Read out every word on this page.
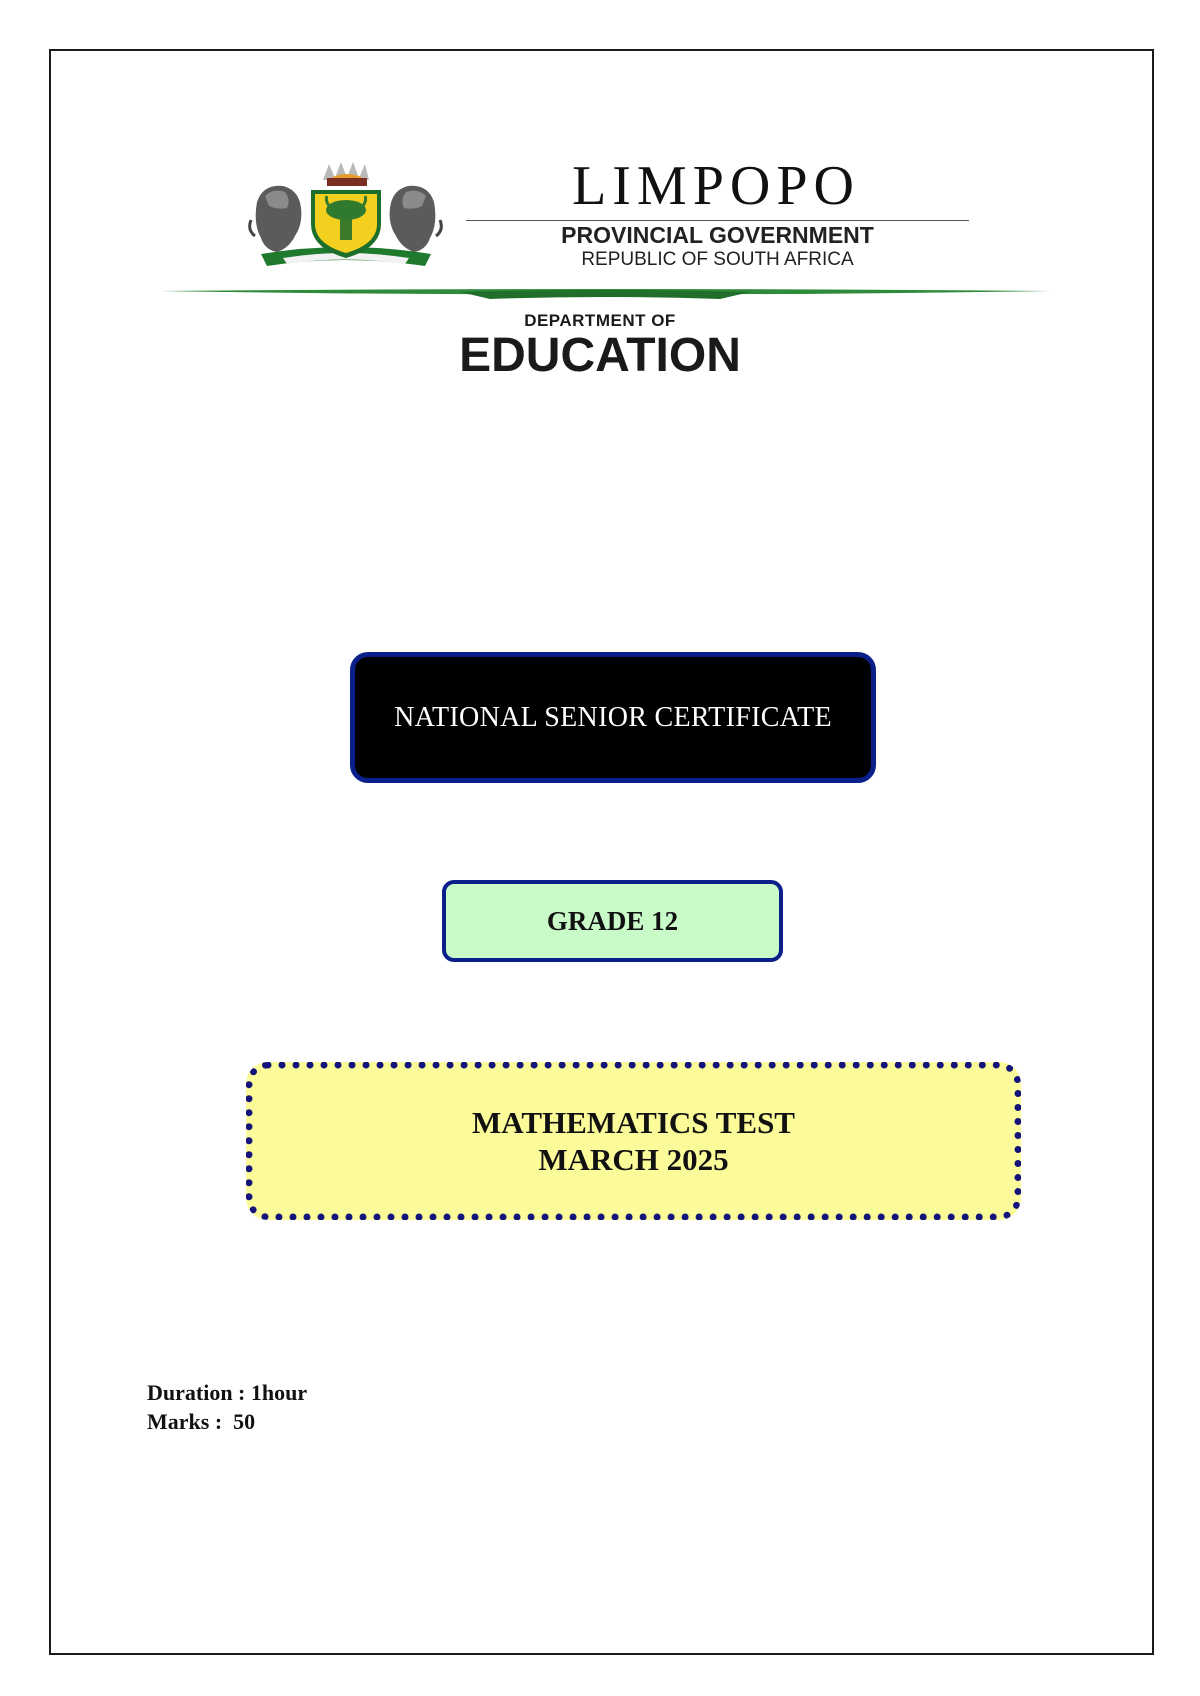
LIMPOPO
PROVINCIAL GOVERNMENT
REPUBLIC OF SOUTH AFRICA
DEPARTMENT OF
EDUCATION
NATIONAL SENIOR CERTIFICATE
GRADE 12
MATHEMATICS TEST
MARCH 2025
Duration : 1hour
Marks : 50
